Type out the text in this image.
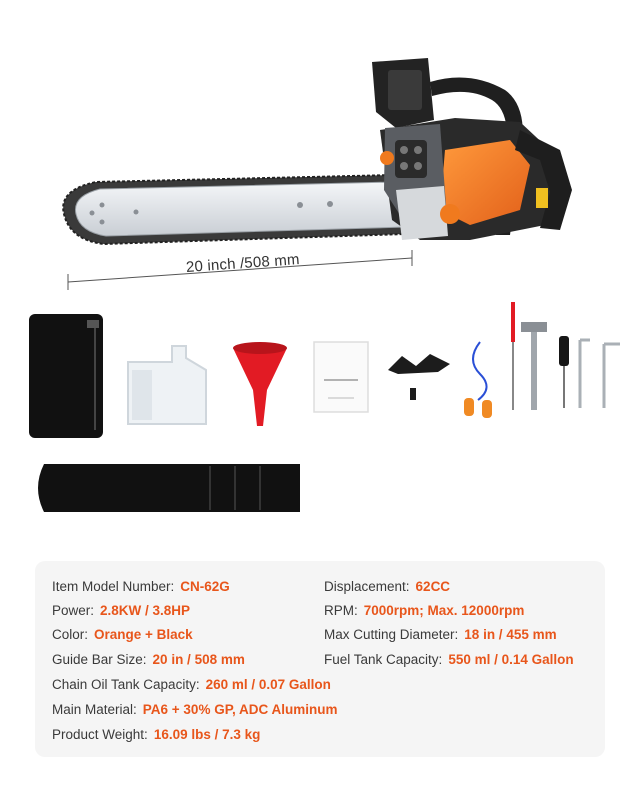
20 inch /508 mm
Item Model Number: CN-62G	Displacement: 62CC
Power: 2.8KW / 3.8HP	RPM: 7000rpm; Max. 12000rpm
Color: Orange + Black	Max Cutting Diameter: 18 in / 455 mm
Guide Bar Size: 20 in / 508 mm	Fuel Tank Capacity: 550 ml / 0.14 Gallon
Chain Oil Tank Capacity: 260 ml / 0.07 Gallon
Main Material: PA6 + 30% GP, ADC Aluminum
Product Weight: 16.09 lbs / 7.3 kg
